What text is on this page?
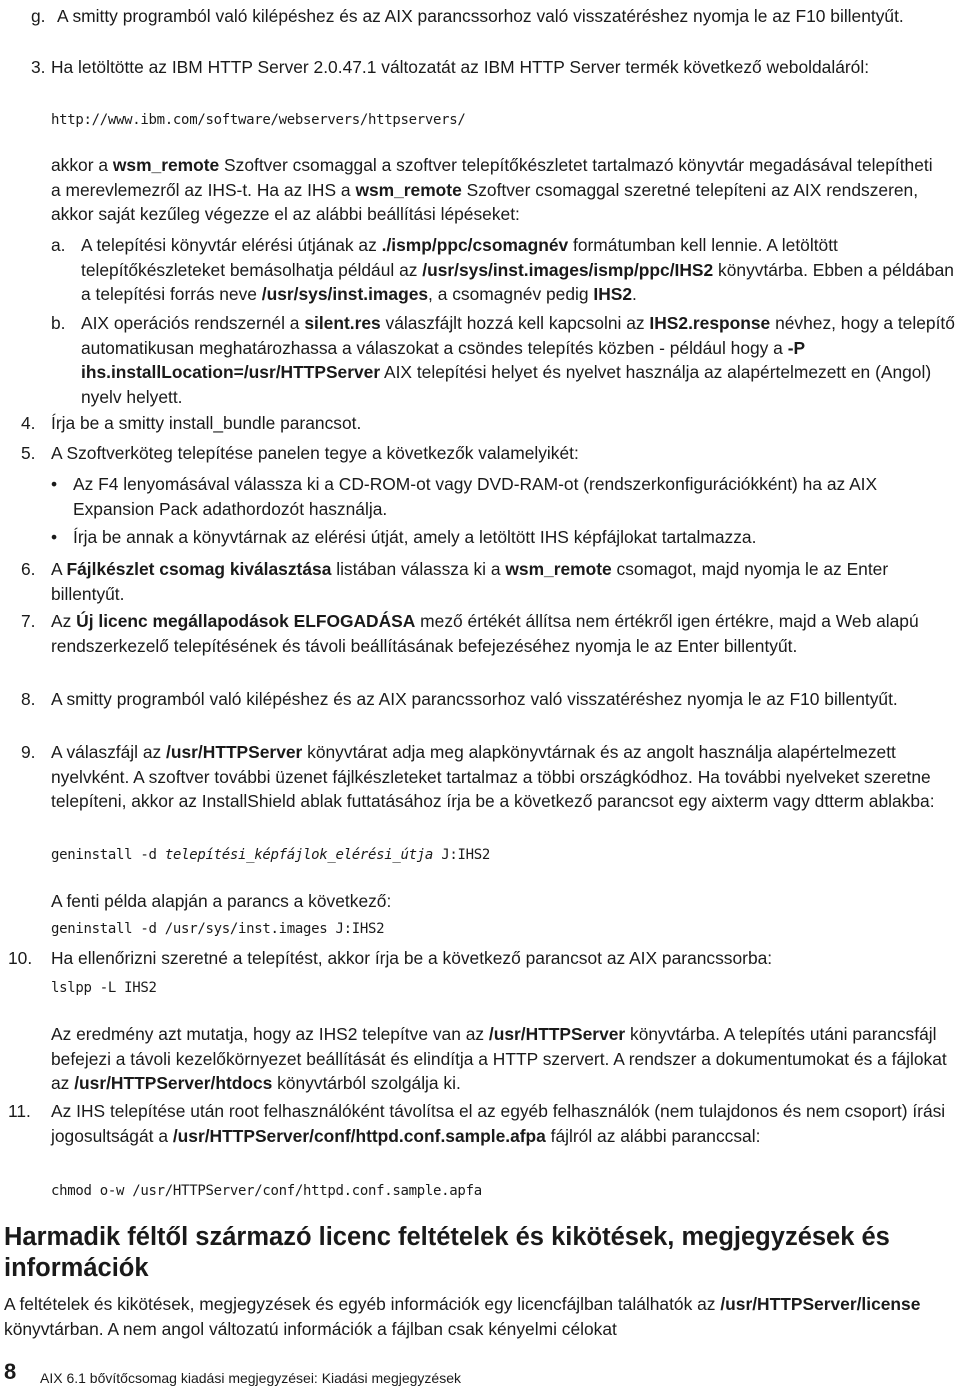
g. A smitty programból való kilépéshez és az AIX parancssorhoz való visszatéréshez nyomja le az F10 billentyűt.
3. Ha letöltötte az IBM HTTP Server 2.0.47.1 változatát az IBM HTTP Server termék következő weboldaláról:
http://www.ibm.com/software/webservers/httpservers/
akkor a wsm_remote Szoftver csomaggal a szoftver telepítőkészletet tartalmazó könyvtár megadásával telepítheti a merevlemezről az IHS-t. Ha az IHS a wsm_remote Szoftver csomaggal szeretné telepíteni az AIX rendszeren, akkor saját kezűleg végezze el az alábbi beállítási lépéseket:
a. A telepítési könyvtár elérési útjának az ./ismp/ppc/csomagnév formátumban kell lennie. A letöltött telepítőkészleteket bemásolhatja például az /usr/sys/inst.images/ismp/ppc/IHS2 könyvtárba. Ebben a példában a telepítési forrás neve /usr/sys/inst.images, a csomagnév pedig IHS2.
b. AIX operációs rendszernél a silent.res válaszfájlt hozzá kell kapcsolni az IHS2.response névhez, hogy a telepítő automatikusan meghatározhassa a válaszokat a csöndes telepítés közben - például hogy a -P ihs.installLocation=/usr/HTTPServer AIX telepítési helyet és nyelvet használja az alapértelmezett en (Angol) nyelv helyett.
4. Írja be a smitty install_bundle parancsot.
5. A Szoftverköteg telepítése panelen tegye a következők valamelyikét:
• Az F4 lenyomásával válassza ki a CD-ROM-ot vagy DVD-RAM-ot (rendszerkonfigurációkként) ha az AIX Expansion Pack adathordozót használja.
• Írja be annak a könyvtárnak az elérési útját, amely a letöltött IHS képfájlokat tartalmazza.
6. A Fájlkészlet csomag kiválasztása listában válassza ki a wsm_remote csomagot, majd nyomja le az Enter billentyűt.
7. Az Új licenc megállapodások ELFOGADÁSA mező értékét állítsa nem értékről igen értékre, majd a Web alapú rendszerkezelő telepítésének és távoli beállításának befejezéséhez nyomja le az Enter billentyűt.
8. A smitty programból való kilépéshez és az AIX parancssorhoz való visszatéréshez nyomja le az F10 billentyűt.
9. A válaszfájl az /usr/HTTPServer könyvtárat adja meg alapkönyvtárnak és az angolt használja alapértelmezett nyelvként. A szoftver további üzenet fájlkészleteket tartalmaz a többi országkódhoz. Ha további nyelveket szeretne telepíteni, akkor az InstallShield ablak futtatásához írja be a következő parancsot egy aixterm vagy dtterm ablakba:
geninstall -d telepítési_képfájlok_elérési_útja J:IHS2
A fenti példa alapján a parancs a következő:
geninstall -d /usr/sys/inst.images J:IHS2
10. Ha ellenőrizni szeretné a telepítést, akkor írja be a következő parancsot az AIX parancssorba:
lslpp -L IHS2
Az eredmény azt mutatja, hogy az IHS2 telepítve van az /usr/HTTPServer könyvtárba. A telepítés utáni parancsfájl befejezi a távoli kezelőkörnyezet beállítását és elindítja a HTTP szervert. A rendszer a dokumentumokat és a fájlokat az /usr/HTTPServer/htdocs könyvtárból szolgálja ki.
11. Az IHS telepítése után root felhasználóként távolítsa el az egyéb felhasználók (nem tulajdonos és nem csoport) írási jogosultságát a /usr/HTTPServer/conf/httpd.conf.sample.afpa fájlról az alábbi paranccsal:
chmod o-w /usr/HTTPServer/conf/httpd.conf.sample.apfa
Harmadik féltől származó licenc feltételek és kikötések, megjegyzések és információk
A feltételek és kikötések, megjegyzések és egyéb információk egy licencfájlban találhatók az /usr/HTTPServer/license könyvtárban. A nem angol változatú információk a fájlban csak kényelmi célokat
8 AIX 6.1 bővítőcsomag kiadási megjegyzései: Kiadási megjegyzések
